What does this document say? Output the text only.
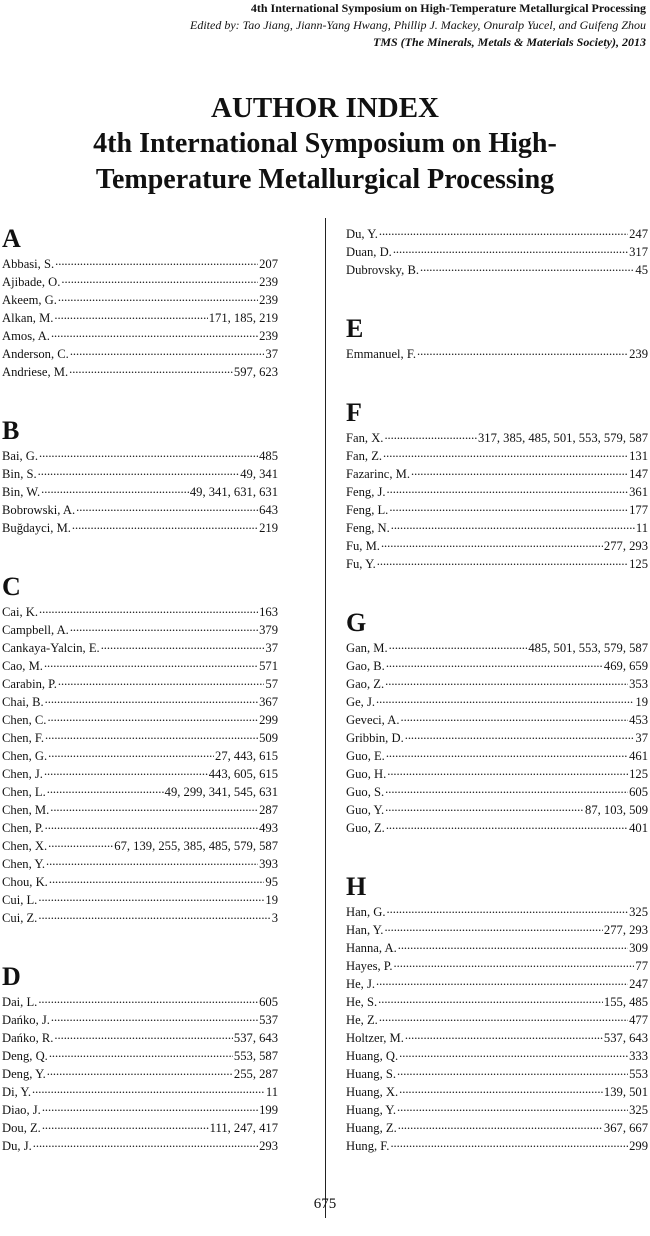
4th International Symposium on High-Temperature Metallurgical Processing
Edited by: Tao Jiang, Jiann-Yang Hwang, Phillip J. Mackey, Onuralp Yucel, and Guifeng Zhou
TMS (The Minerals, Metals & Materials Society), 2013
AUTHOR INDEX
4th International Symposium on High-
Temperature Metallurgical Processing
A
Abbasi, S. . . .	207
Ajibade, O. . . .	239
Akeem, G. . . .	239
Alkan, M. . . .	171, 185, 219
Amos, A. . . .	239
Anderson, C. . . .	37
Andriese, M. . . .	597, 623
B
Bai, G. . . .	485
Bin, S. . . .	49, 341
Bin, W. . . .	49, 341, 631, 631
Bobrowski, A. . . .	643
Buğdayci, M. . . .	219
C
Cai, K. . . .	163
Campbell, A. . . .	379
Cankaya-Yalcin, E. . . .	37
Cao, M. . . .	571
Carabin, P. . . .	57
Chai, B. . . .	367
Chen, C. . . .	299
Chen, F. . . .	509
Chen, G. . . .	27, 443, 615
Chen, J. . . .	443, 605, 615
Chen, L. . . .	49, 299, 341, 545, 631
Chen, M. . . .	287
Chen, P. . . .	493
Chen, X. . . .	67, 139, 255, 385, 485, 579, 587
Chen, Y. . . .	393
Chou, K. . . .	95
Cui, L. . . .	19
Cui, Z. . . .	3
D
Dai, L. . . .	605
Dańko, J. . . .	537
Dańko, R. . . .	537, 643
Deng, Q. . . .	553, 587
Deng, Y. . . .	255, 287
Di, Y. . . .	11
Diao, J. . . .	199
Dou, Z. . . .	111, 247, 417
Du, J. . . .	293
Du, Y. . . .	247
Duan, D. . . .	317
Dubrovsky, B. . . .	45
E
Emmanuel, F. . . .	239
F
Fan, X. . . .	317, 385, 485, 501, 553, 579, 587
Fan, Z. . . .	131
Fazarinc, M. . . .	147
Feng, J. . . .	361
Feng, L. . . .	177
Feng, N. . . .	11
Fu, M. . . .	277, 293
Fu, Y. . . .	125
G
Gan, M. . . .	485, 501, 553, 579, 587
Gao, B. . . .	469, 659
Gao, Z. . . .	353
Ge, J. . . .	19
Geveci, A. . . .	453
Gribbin, D. . . .	37
Guo, E. . . .	461
Guo, H. . . .	125
Guo, S. . . .	605
Guo, Y. . . .	87, 103, 509
Guo, Z. . . .	401
H
Han, G. . . .	325
Han, Y. . . .	277, 293
Hanna, A. . . .	309
Hayes, P. . . .	77
He, J. . . .	247
He, S. . . .	155, 485
He, Z. . . .	477
Holtzer, M. . . .	537, 643
Huang, Q. . . .	333
Huang, S. . . .	553
Huang, X. . . .	139, 501
Huang, Y. . . .	325
Huang, Z. . . .	367, 667
Hung, F. . . .	299
675
